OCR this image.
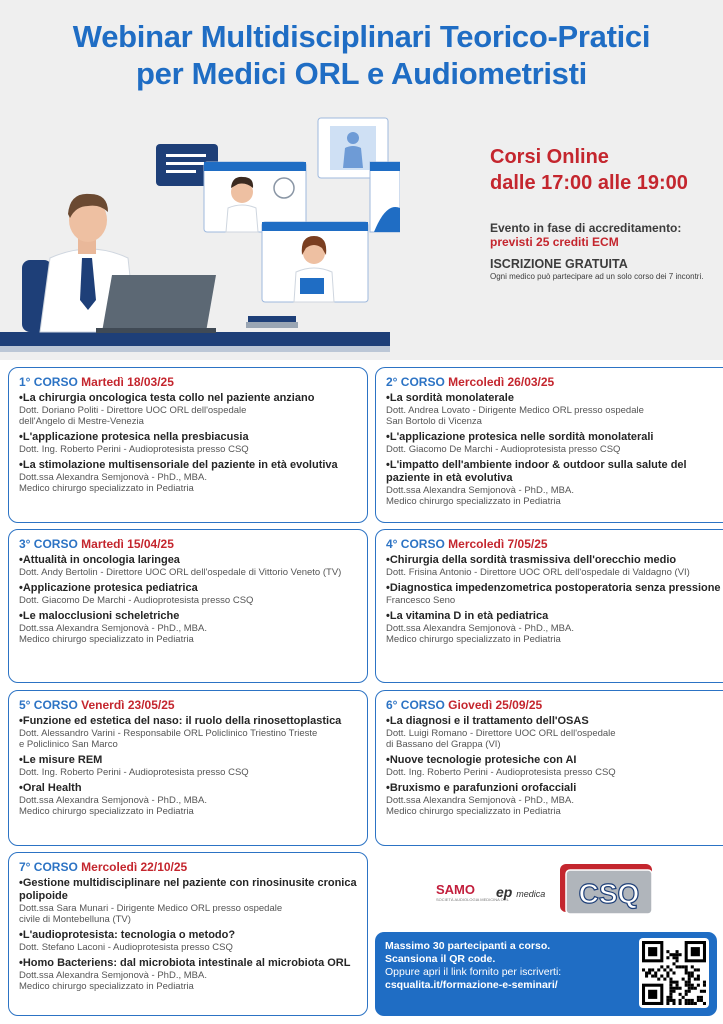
Webinar Multidisciplinari Teorico-Pratici
per Medici ORL e Audiometristi
Corsi Online
dalle 17:00 alle 19:00
Evento in fase di accreditamento:
previsti 25 crediti ECM
ISCRIZIONE GRATUITA
Ogni medico può partecipare ad un solo corso dei 7 incontri.
1° CORSO Martedì 18/03/25
•La chirurgia oncologica testa collo nel paziente anziano
Dott. Doriano Politi - Direttore UOC ORL dell'ospedale
dell'Angelo di Mestre-Venezia
•L'applicazione protesica nella presbiacusia
Dott. Ing. Roberto Perini - Audioprotesista presso CSQ
•La stimolazione multisensoriale del paziente in età evolutiva
Dott.ssa Alexandra Semjonovà - PhD., MBA.
Medico chirurgo specializzato in Pediatria
2° CORSO Mercoledì 26/03/25
•La sordità monolaterale
Dott. Andrea Lovato - Dirigente Medico ORL presso ospedale
San Bortolo di Vicenza
•L'applicazione protesica nelle sordità monolaterali
Dott. Giacomo De Marchi - Audioprotesista presso CSQ
•L'impatto dell'ambiente indoor & outdoor sulla salute del paziente in età evolutiva
Dott.ssa Alexandra Semjonovà - PhD., MBA.
Medico chirurgo specializzato in Pediatria
3° CORSO Martedì 15/04/25
•Attualità in oncologia laringea
Dott. Andy Bertolin - Direttore UOC ORL dell'ospedale di Vittorio Veneto (TV)
•Applicazione protesica pediatrica
Dott. Giacomo De Marchi - Audioprotesista presso CSQ
•Le malocclusioni scheletriche
Dott.ssa Alexandra Semjonovà - PhD., MBA.
Medico chirurgo specializzato in Pediatria
4° CORSO Mercoledì 7/05/25
•Chirurgia della sordità trasmissiva dell'orecchio medio
Dott. Frisina Antonio - Direttore UOC ORL dell'ospedale di Valdagno (VI)
•Diagnostica impedenzometrica postoperatoria senza pressione
Francesco Seno
•La vitamina D in età pediatrica
Dott.ssa Alexandra Semjonovà - PhD., MBA.
Medico chirurgo specializzato in Pediatria
5° CORSO Venerdì 23/05/25
•Funzione ed estetica del naso: il ruolo della rinosettoplastica
Dott. Alessandro Varini - Responsabile ORL Policlinico Triestino Trieste
e Policlinico San Marco
•Le misure REM
Dott. Ing. Roberto Perini - Audioprotesista presso CSQ
•Oral Health
Dott.ssa Alexandra Semjonovà - PhD., MBA.
Medico chirurgo specializzato in Pediatria
6° CORSO Giovedì 25/09/25
•La diagnosi e il trattamento dell'OSAS
Dott. Luigi Romano - Direttore UOC ORL dell'ospedale
di Bassano del Grappa (VI)
•Nuove tecnologie protesiche con AI
Dott. Ing. Roberto Perini - Audioprotesista presso CSQ
•Bruxismo e parafunzioni orofacciali
Dott.ssa Alexandra Semjonovà - PhD., MBA.
Medico chirurgo specializzato in Pediatria
7° CORSO Mercoledì 22/10/25
•Gestione multidisciplinare nel paziente con rinosinusite cronica polipoide
Dott.ssa Sara Munari - Dirigente Medico ORL presso ospedale
civile di Montebelluna (TV)
•L'audioprotesista: tecnologia o metodo?
Dott. Stefano Laconi - Audioprotesista presso CSQ
•Homo Bacteriens: dal microbiota intestinale al microbiota ORL
Dott.ssa Alexandra Semjonovà - PhD., MBA.
Medico chirurgo specializzato in Pediatria
SAMO
SOCIETÀ AUDIOLOGIA MEDICINA ORL
ep medica CSQ
Massimo 30 partecipanti a corso.
Scansiona il QR code.
Oppure apri il link fornito per iscriverti:
csqualita.it/formazione-e-seminari/
